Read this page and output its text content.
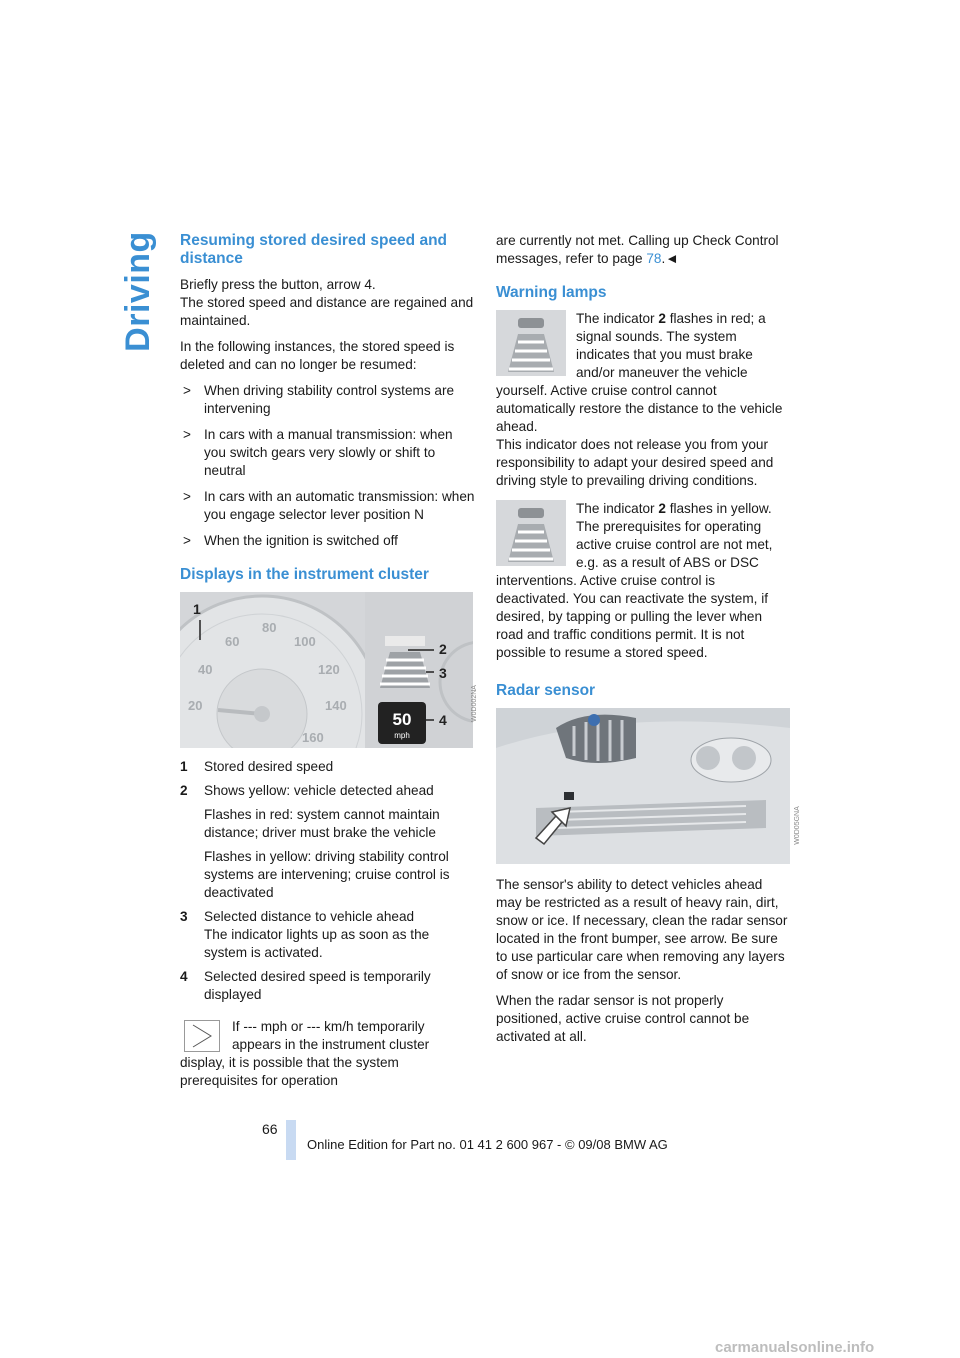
Driving Resuming stored desired speed and distance

Briefly press the button, arrow 4.

The stored speed and distance are regained and maintained.

In the following instances, the stored speed is deleted and can no longer be resumed:

> When driving stability control systems are intervening
> In cars with a manual transmission: when you switch gears very slowly or shift to neutral
> In cars with an automatic transmission: when you engage selector lever position N
> When the ignition is switched off
Displays in the instrument cluster
20
40
60
80
100
120
140
160
50
mph
1
2
3
4
1 Stored desired speed
2 Shows yellow: vehicle detected ahead
Flashes in red: system cannot maintain distance; driver must brake the vehicle
Flashes in yellow: driving stability control systems are intervening; cruise control is deactivated
3 Selected distance to vehicle ahead
The indicator lights up as soon as the system is activated.
4 Selected desired speed is temporarily displayed
If --- mph or --- km/h temporarily appears in the instrument cluster display, it is possible that the system prerequisites for operation

are currently not met. Calling up Check Control messages, refer to page 78.◄

Warning lamps
The indicator 2 flashes in red; a signal sounds. The system indicates that you must brake and/or maneuver the vehicle yourself. Active cruise control cannot automatically restore the distance to the vehicle ahead.
This indicator does not release you from your responsibility to adapt your desired speed and driving style to prevailing driving conditions.
The indicator 2 flashes in yellow. The prerequisites for operating active cruise control are not met, e.g. as a result of ABS or DSC interventions. Active cruise control is deactivated. You can reactivate the system, if desired, by tapping or pulling the lever when road and traffic conditions permit. It is not possible to resume a stored speed.
Radar sensor

The sensor's ability to detect vehicles ahead may be restricted as a result of heavy rain, dirt, snow or ice. If necessary, clean the radar sensor located in the front bumper, see arrow. Be sure to use particular care when removing any layers of snow or ice from the sensor.

When the radar sensor is not properly positioned, active cruise control cannot be activated at all.

W0D002NA
W0D05GNA
66
Online Edition for Part no. 01 41 2 600 967 - © 09/08 BMW AG
carmanualsonline.info
